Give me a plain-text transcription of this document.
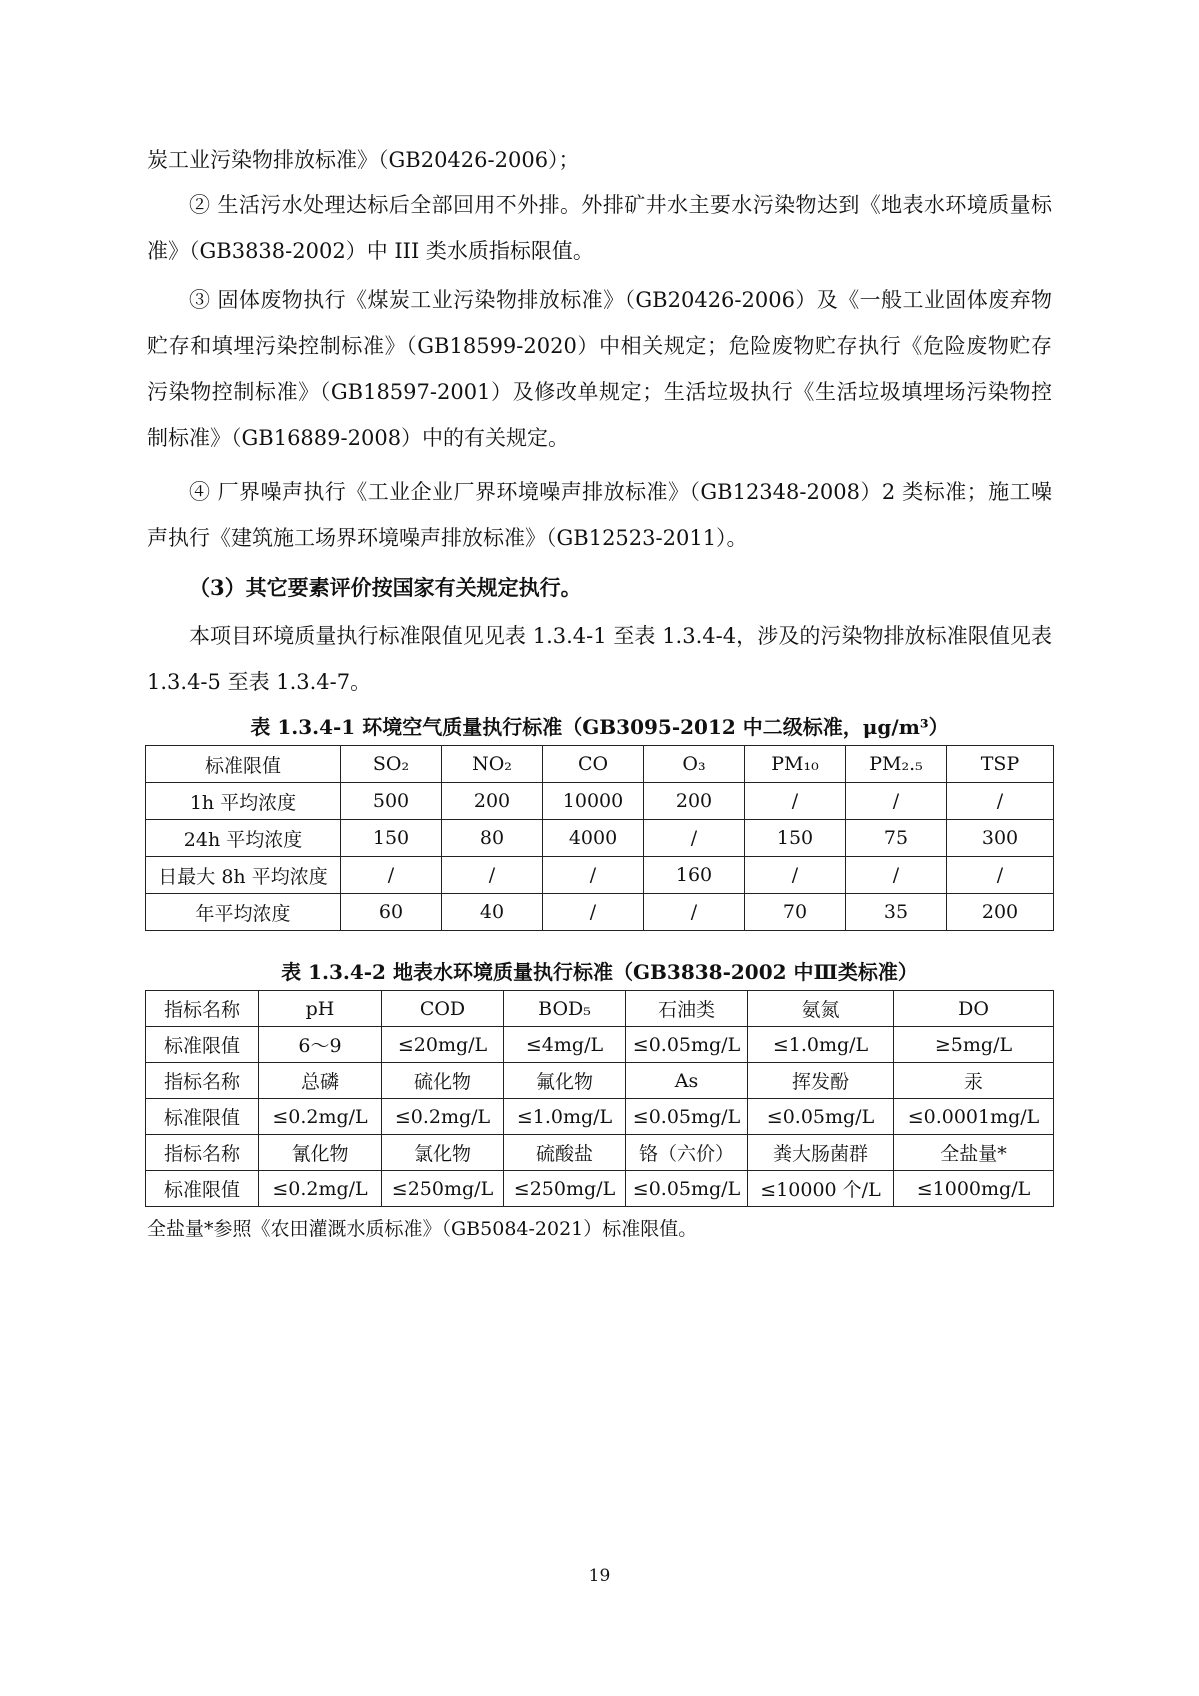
炭工业污染物排放标准》（GB20426-2006）；

② 生活污水处理达标后全部回用不外排。外排矿井水主要水污染物达到《地表水环境质量标准》（GB3838-2002）中 III 类水质指标限值。

③ 固体废物执行《煤炭工业污染物排放标准》（GB20426-2006）及《一般工业固体废弃物贮存和填埋污染控制标准》（GB18599-2020）中相关规定；危险废物贮存执行《危险废物贮存污染物控制标准》（GB18597-2001）及修改单规定；生活垃圾执行《生活垃圾填埋场污染物控制标准》（GB16889-2008）中的有关规定。

④ 厂界噪声执行《工业企业厂界环境噪声排放标准》（GB12348-2008）2 类标准；施工噪声执行《建筑施工场界环境噪声排放标准》（GB12523-2011）。

（3）其它要素评价按国家有关规定执行。

本项目环境质量执行标准限值见见表 1.3.4-1 至表 1.3.4-4，涉及的污染物排放标准限值见表 1.3.4-5 至表 1.3.4-7。

表 1.3.4-1 环境空气质量执行标准（GB3095-2012 中二级标准，μg/m³）

标准限值	SO₂	NO₂	CO	O₃	PM₁₀	PM₂.₅	TSP
1h 平均浓度	500	200	10000	200	/	/	/
24h 平均浓度	150	80	4000	/	150	75	300
日最大 8h 平均浓度	/	/	/	160	/	/	/
年平均浓度	60	40	/	/	70	35	200

表 1.3.4-2 地表水环境质量执行标准（GB3838-2002 中Ⅲ类标准）

指标名称	pH	COD	BOD₅	石油类	氨氮	DO
标准限值	6～9	≤20mg/L	≤4mg/L	≤0.05mg/L	≤1.0mg/L	≥5mg/L
指标名称	总磷	硫化物	氟化物	As	挥发酚	汞
标准限值	≤0.2mg/L	≤0.2mg/L	≤1.0mg/L	≤0.05mg/L	≤0.05mg/L	≤0.0001mg/L
指标名称	氰化物	氯化物	硫酸盐	铬（六价）	粪大肠菌群	全盐量*
标准限值	≤0.2mg/L	≤250mg/L	≤250mg/L	≤0.05mg/L	≤10000 个/L	≤1000mg/L

全盐量*参照《农田灌溉水质标准》（GB5084-2021）标准限值。

19
